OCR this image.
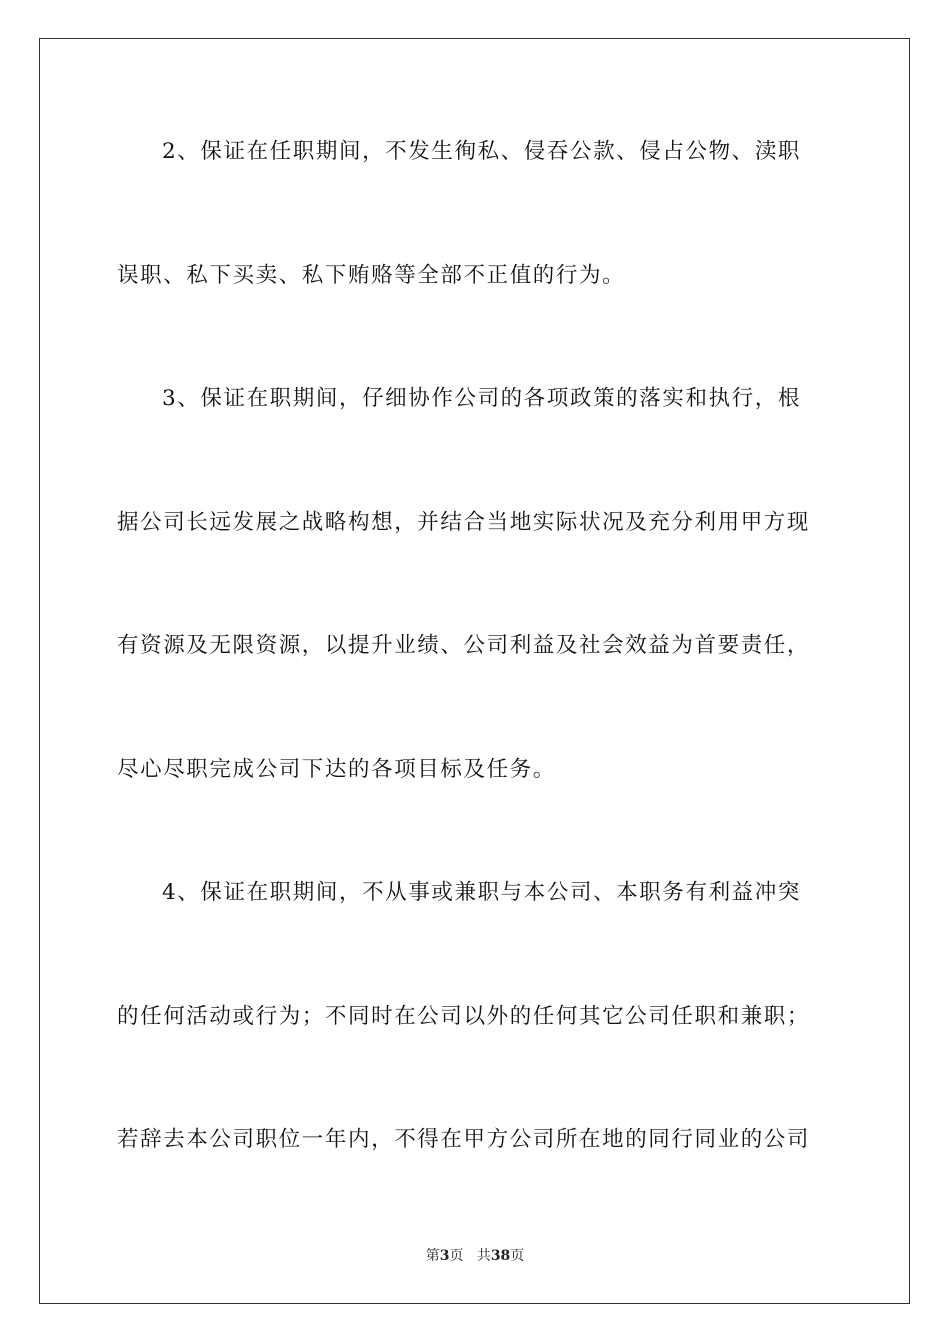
2、保证在任职期间，不发生徇私、侵吞公款、侵占公物、渎职
误职、私下买卖、私下贿赂等全部不正值的行为。
3、保证在职期间，仔细协作公司的各项政策的落实和执行，根
据公司长远发展之战略构想，并结合当地实际状况及充分利用甲方现
有资源及无限资源，以提升业绩、公司利益及社会效益为首要责任，
尽心尽职完成公司下达的各项目标及任务。
4、保证在职期间，不从事或兼职与本公司、本职务有利益冲突
的任何活动或行为；不同时在公司以外的任何其它公司任职和兼职；
若辞去本公司职位一年内，不得在甲方公司所在地的同行同业的公司
第3页 共38页
